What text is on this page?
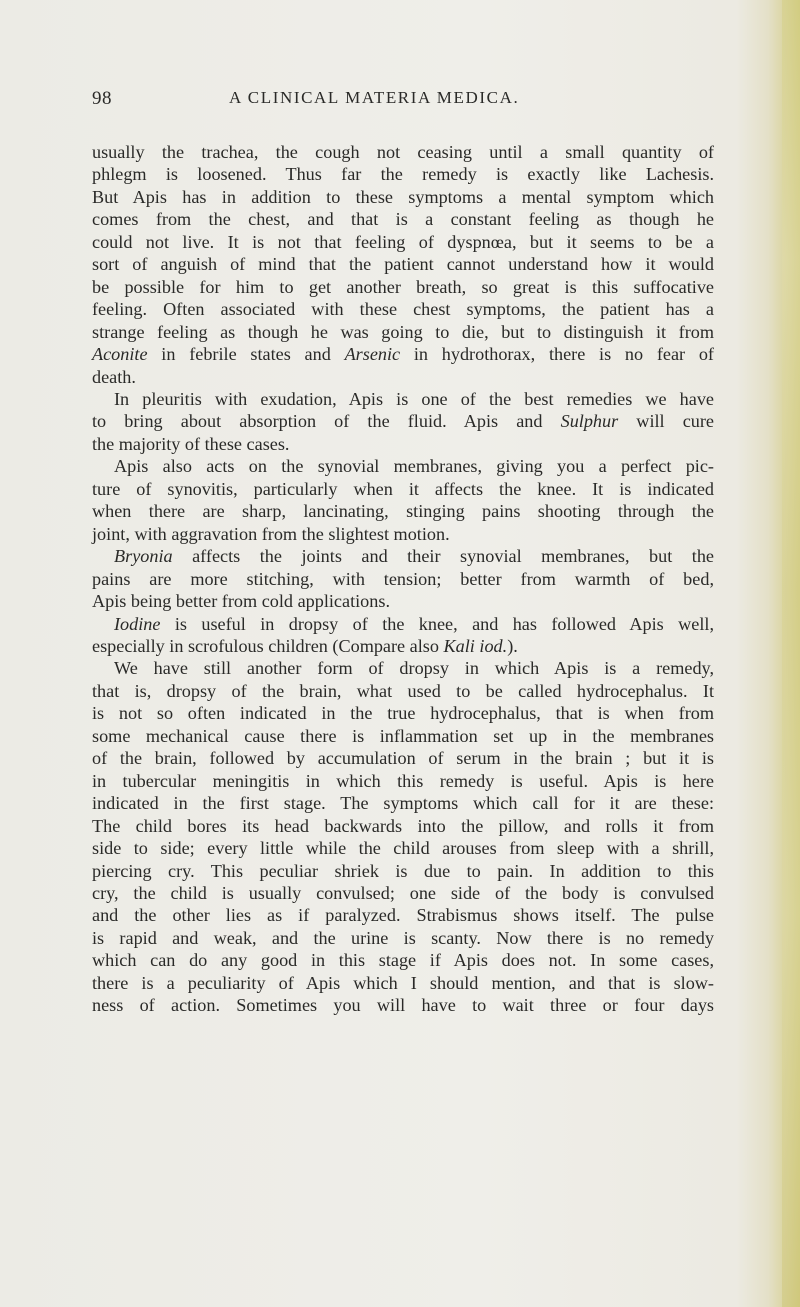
98	A CLINICAL MATERIA MEDICA.
usually the trachea, the cough not ceasing until a small quantity of
phlegm is loosened. Thus far the remedy is exactly like Lachesis.
But Apis has in addition to these symptoms a mental symptom which
comes from the chest, and that is a constant feeling as though he
could not live. It is not that feeling of dyspnœa, but it seems to be a
sort of anguish of mind that the patient cannot understand how it would
be possible for him to get another breath, so great is this suffocative
feeling. Often associated with these chest symptoms, the patient has a
strange feeling as though he was going to die, but to distinguish it from
Aconite in febrile states and Arsenic in hydrothorax, there is no fear of
death.
In pleuritis with exudation, Apis is one of the best remedies we have
to bring about absorption of the fluid. Apis and Sulphur will cure
the majority of these cases.
Apis also acts on the synovial membranes, giving you a perfect pic-
ture of synovitis, particularly when it affects the knee. It is indicated
when there are sharp, lancinating, stinging pains shooting through the
joint, with aggravation from the slightest motion.
Bryonia affects the joints and their synovial membranes, but the
pains are more stitching, with tension; better from warmth of bed,
Apis being better from cold applications.
Iodine is useful in dropsy of the knee, and has followed Apis well,
especially in scrofulous children (Compare also Kali iod.).
We have still another form of dropsy in which Apis is a remedy,
that is, dropsy of the brain, what used to be called hydrocephalus. It
is not so often indicated in the true hydrocephalus, that is when from
some mechanical cause there is inflammation set up in the membranes
of the brain, followed by accumulation of serum in the brain ; but it is
in tubercular meningitis in which this remedy is useful. Apis is here
indicated in the first stage. The symptoms which call for it are these:
The child bores its head backwards into the pillow, and rolls it from
side to side; every little while the child arouses from sleep with a shrill,
piercing cry. This peculiar shriek is due to pain. In addition to this
cry, the child is usually convulsed; one side of the body is convulsed
and the other lies as if paralyzed. Strabismus shows itself. The pulse
is rapid and weak, and the urine is scanty. Now there is no remedy
which can do any good in this stage if Apis does not. In some cases,
there is a peculiarity of Apis which I should mention, and that is slow-
ness of action. Sometimes you will have to wait three or four days
